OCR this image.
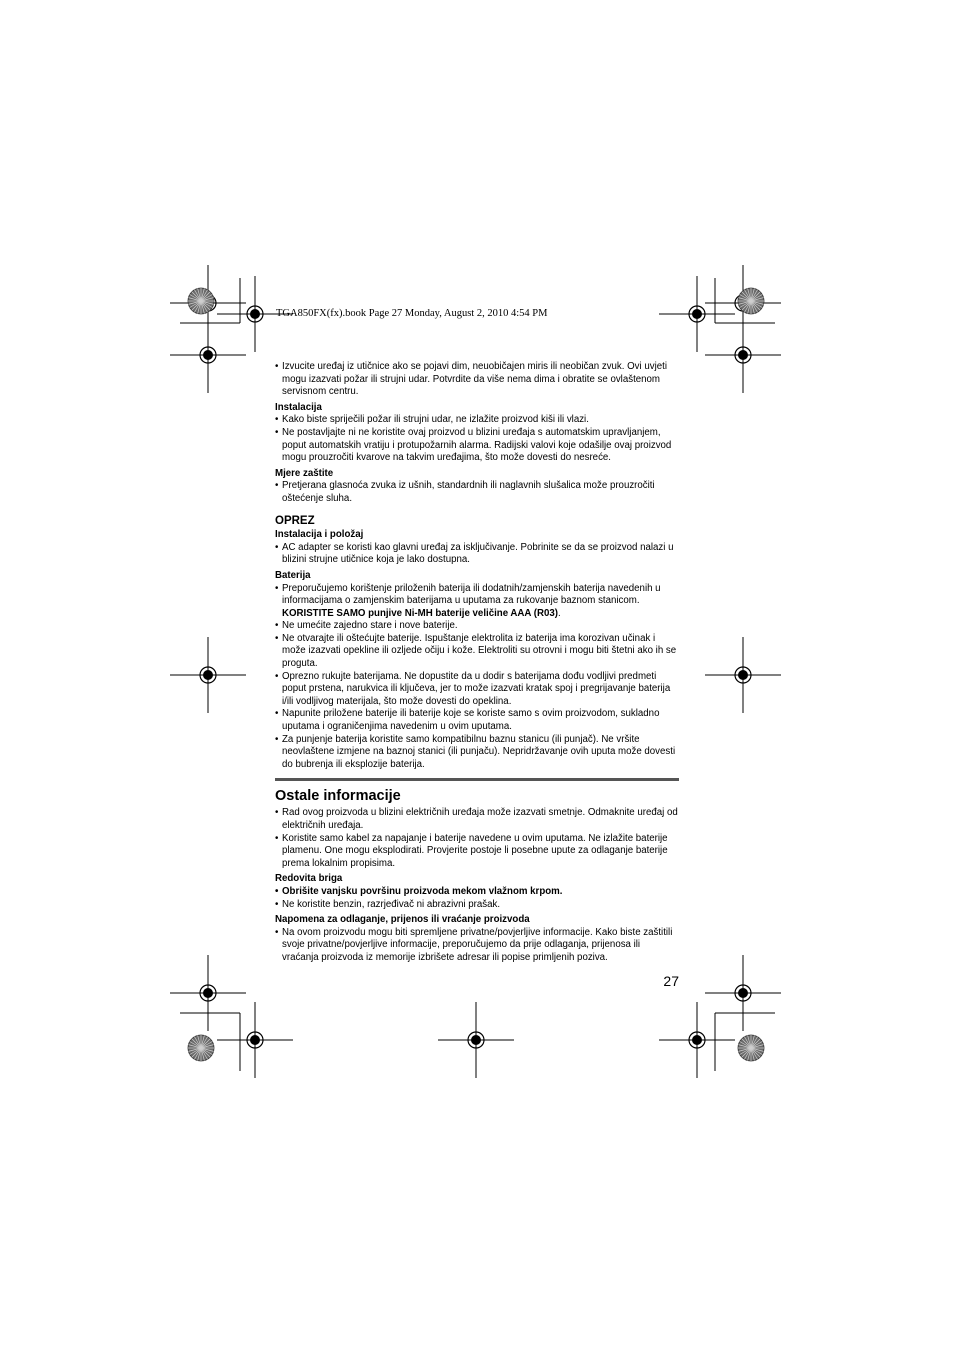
TGA850FX(fx).book Page 27 Monday, August 2, 2010 4:54 PM
• Izvucite uređaj iz utičnice ako se pojavi dim, neuobičajen miris ili neobičan zvuk. Ovi uvjeti mogu izazvati požar ili strujni udar. Potvrdite da više nema dima i obratite se ovlaštenom servisnom centru.
Instalacija
• Kako biste spriječili požar ili strujni udar, ne izlažite proizvod kiši ili vlazi.
• Ne postavljajte ni ne koristite ovaj proizvod u blizini uređaja s automatskim upravljanjem, poput automatskih vratiju i protupožarnih alarma. Radijski valovi koje odašilje ovaj proizvod mogu prouzročiti kvarove na takvim uređajima, što može dovesti do nesreće.
Mjere zaštite
• Pretjerana glasnoća zvuka iz ušnih, standardnih ili naglavnih slušalica može prouzročiti oštećenje sluha.
OPREZ
Instalacija i položaj
• AC adapter se koristi kao glavni uređaj za isključivanje. Pobrinite se da se proizvod nalazi u blizini strujne utičnice koja je lako dostupna.
Baterija
• Preporučujemo korištenje priloženih baterija ili dodatnih/zamjenskih baterija navedenih u informacijama o zamjenskim baterijama u uputama za rukovanje baznom stanicom.
KORISTITE SAMO punjive Ni-MH baterije veličine AAA (R03).
• Ne umećite zajedno stare i nove baterije.
• Ne otvarajte ili oštećujte baterije. Ispuštanje elektrolita iz baterija ima korozivan učinak i može izazvati opekline ili ozljede očiju i kože. Elektroliti su otrovni i mogu biti štetni ako ih se proguta.
• Oprezno rukujte baterijama. Ne dopustite da u dodir s baterijama dođu vodljivi predmeti poput prstena, narukvica ili ključeva, jer to može izazvati kratak spoj i pregrijavanje baterija i/ili vodljivog materijala, što može dovesti do opeklina.
• Napunite priložene baterije ili baterije koje se koriste samo s ovim proizvodom, sukladno uputama i ograničenjima navedenim u ovim uputama.
• Za punjenje baterija koristite samo kompatibilnu baznu stanicu (ili punjač). Ne vršite neovlaštene izmjene na baznoj stanici (ili punjaču). Nepridržavanje ovih uputa može dovesti do bubrenja ili eksplozije baterija.
Ostale informacije
• Rad ovog proizvoda u blizini električnih uređaja može izazvati smetnje. Odmaknite uređaj od električnih uređaja.
• Koristite samo kabel za napajanje i baterije navedene u ovim uputama. Ne izlažite baterije plamenu. One mogu eksplodirati. Provjerite postoje li posebne upute za odlaganje baterije prema lokalnim propisima.
Redovita briga
• Obrišite vanjsku površinu proizvoda mekom vlažnom krpom.
• Ne koristite benzin, razrjeđivač ni abrazivni prašak.
Napomena za odlaganje, prijenos ili vraćanje proizvoda
• Na ovom proizvodu mogu biti spremljene privatne/povjerljive informacije. Kako biste zaštitili svoje privatne/povjerljive informacije, preporučujemo da prije odlaganja, prijenosa ili vraćanja proizvoda iz memorije izbrišete adresar ili popise primljenih poziva.
27
